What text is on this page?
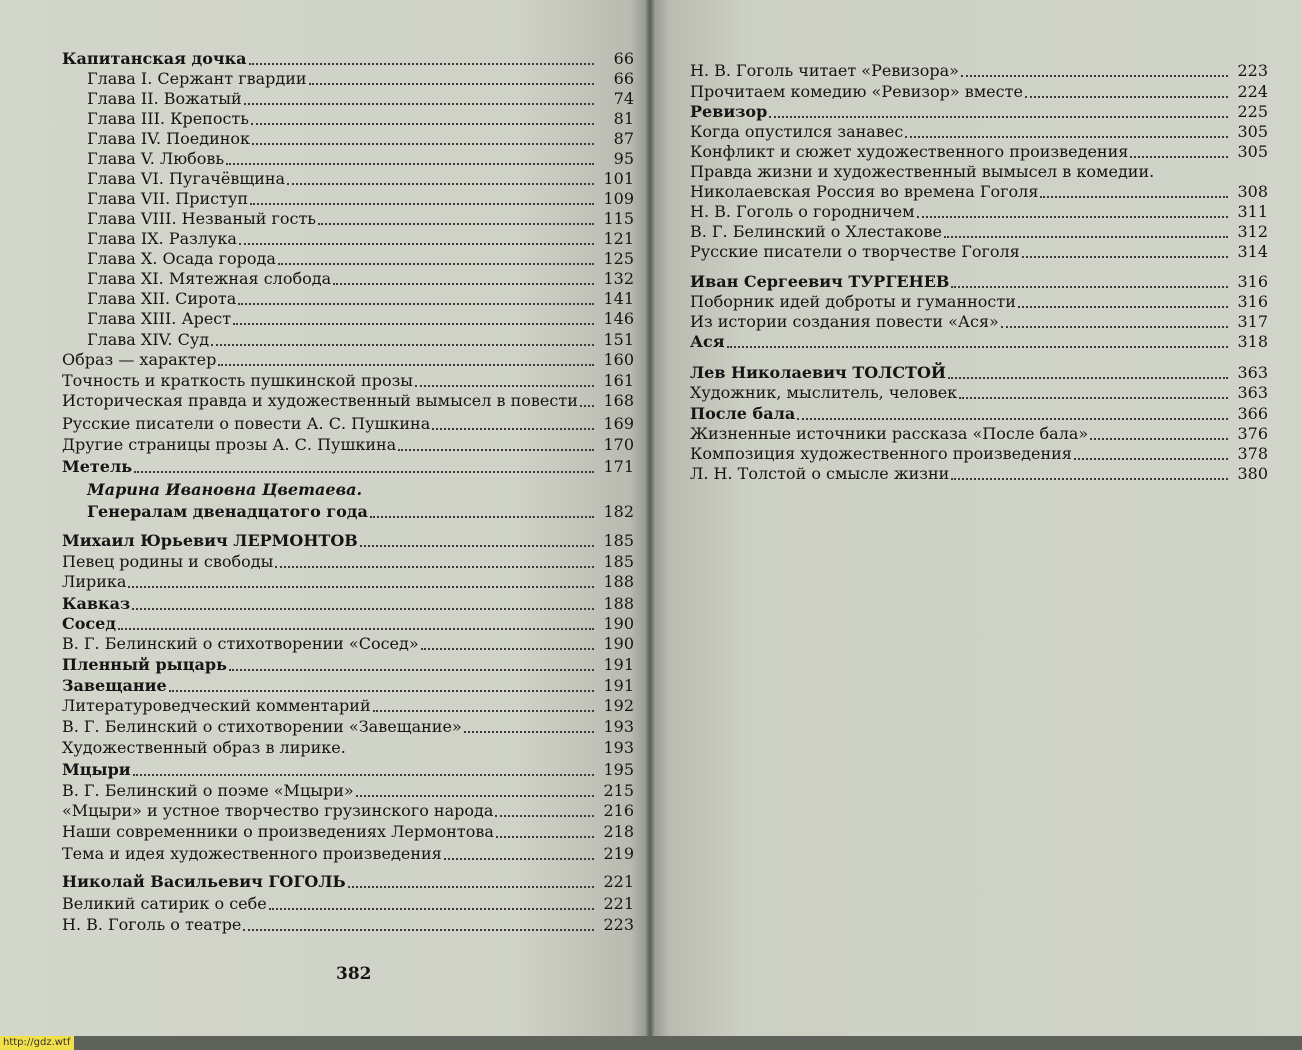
Капитанская дочка	66
Глава I. Сержант гвардии	66
Глава II. Вожатый	74
Глава III. Крепость	81
Глава IV. Поединок	87
Глава V. Любовь	95
Глава VI. Пугачёвщина	101
Глава VII. Приступ	109
Глава VIII. Незваный гость	115
Глава IX. Разлука	121
Глава X. Осада города	125
Глава XI. Мятежная слобода	132
Глава XII. Сирота	141
Глава XIII. Арест	146
Глава XIV. Суд	151
Образ — характер	160
Точность и краткость пушкинской прозы	161
Историческая правда и художественный вымысел в повести	168
Русские писатели о повести А. С. Пушкина	169
Другие страницы прозы А. С. Пушкина	170
Метель	171
Марина Ивановна Цветаева.
Генералам двенадцатого года	182
Михаил Юрьевич ЛЕРМОНТОВ	185
Певец родины и свободы	185
Лирика	188
Кавказ	188
Сосед	190
В. Г. Белинский о стихотворении «Сосед»	190
Пленный рыцарь	191
Завещание	191
Литературоведческий комментарий	192
В. Г. Белинский о стихотворении «Завещание»	193
Художественный образ в лирике.	193
Мцыри	195
В. Г. Белинский о поэме «Мцыри»	215
«Мцыри» и устное творчество грузинского народа	216
Наши современники о произведениях Лермонтова	218
Тема и идея художественного произведения	219
Николай Васильевич ГОГОЛЬ	221
Великий сатирик о себе	221
Н. В. Гоголь о театре	223
382
Н. В. Гоголь читает «Ревизора»	223
Прочитаем комедию «Ревизор» вместе	224
Ревизор	225
Когда опустился занавес	305
Конфликт и сюжет художественного произведения	305
Правда жизни и художественный вымысел в комедии.
Николаевская Россия во времена Гоголя	308
Н. В. Гоголь о городничем	311
В. Г. Белинский о Хлестакове	312
Русские писатели о творчестве Гоголя	314
Иван Сергеевич ТУРГЕНЕВ	316
Поборник идей доброты и гуманности	316
Из истории создания повести «Ася»	317
Ася	318
Лев Николаевич ТОЛСТОЙ	363
Художник, мыслитель, человек	363
После бала	366
Жизненные источники рассказа «После бала»	376
Композиция художественного произведения	378
Л. Н. Толстой о смысле жизни	380
http://gdz.wtf
